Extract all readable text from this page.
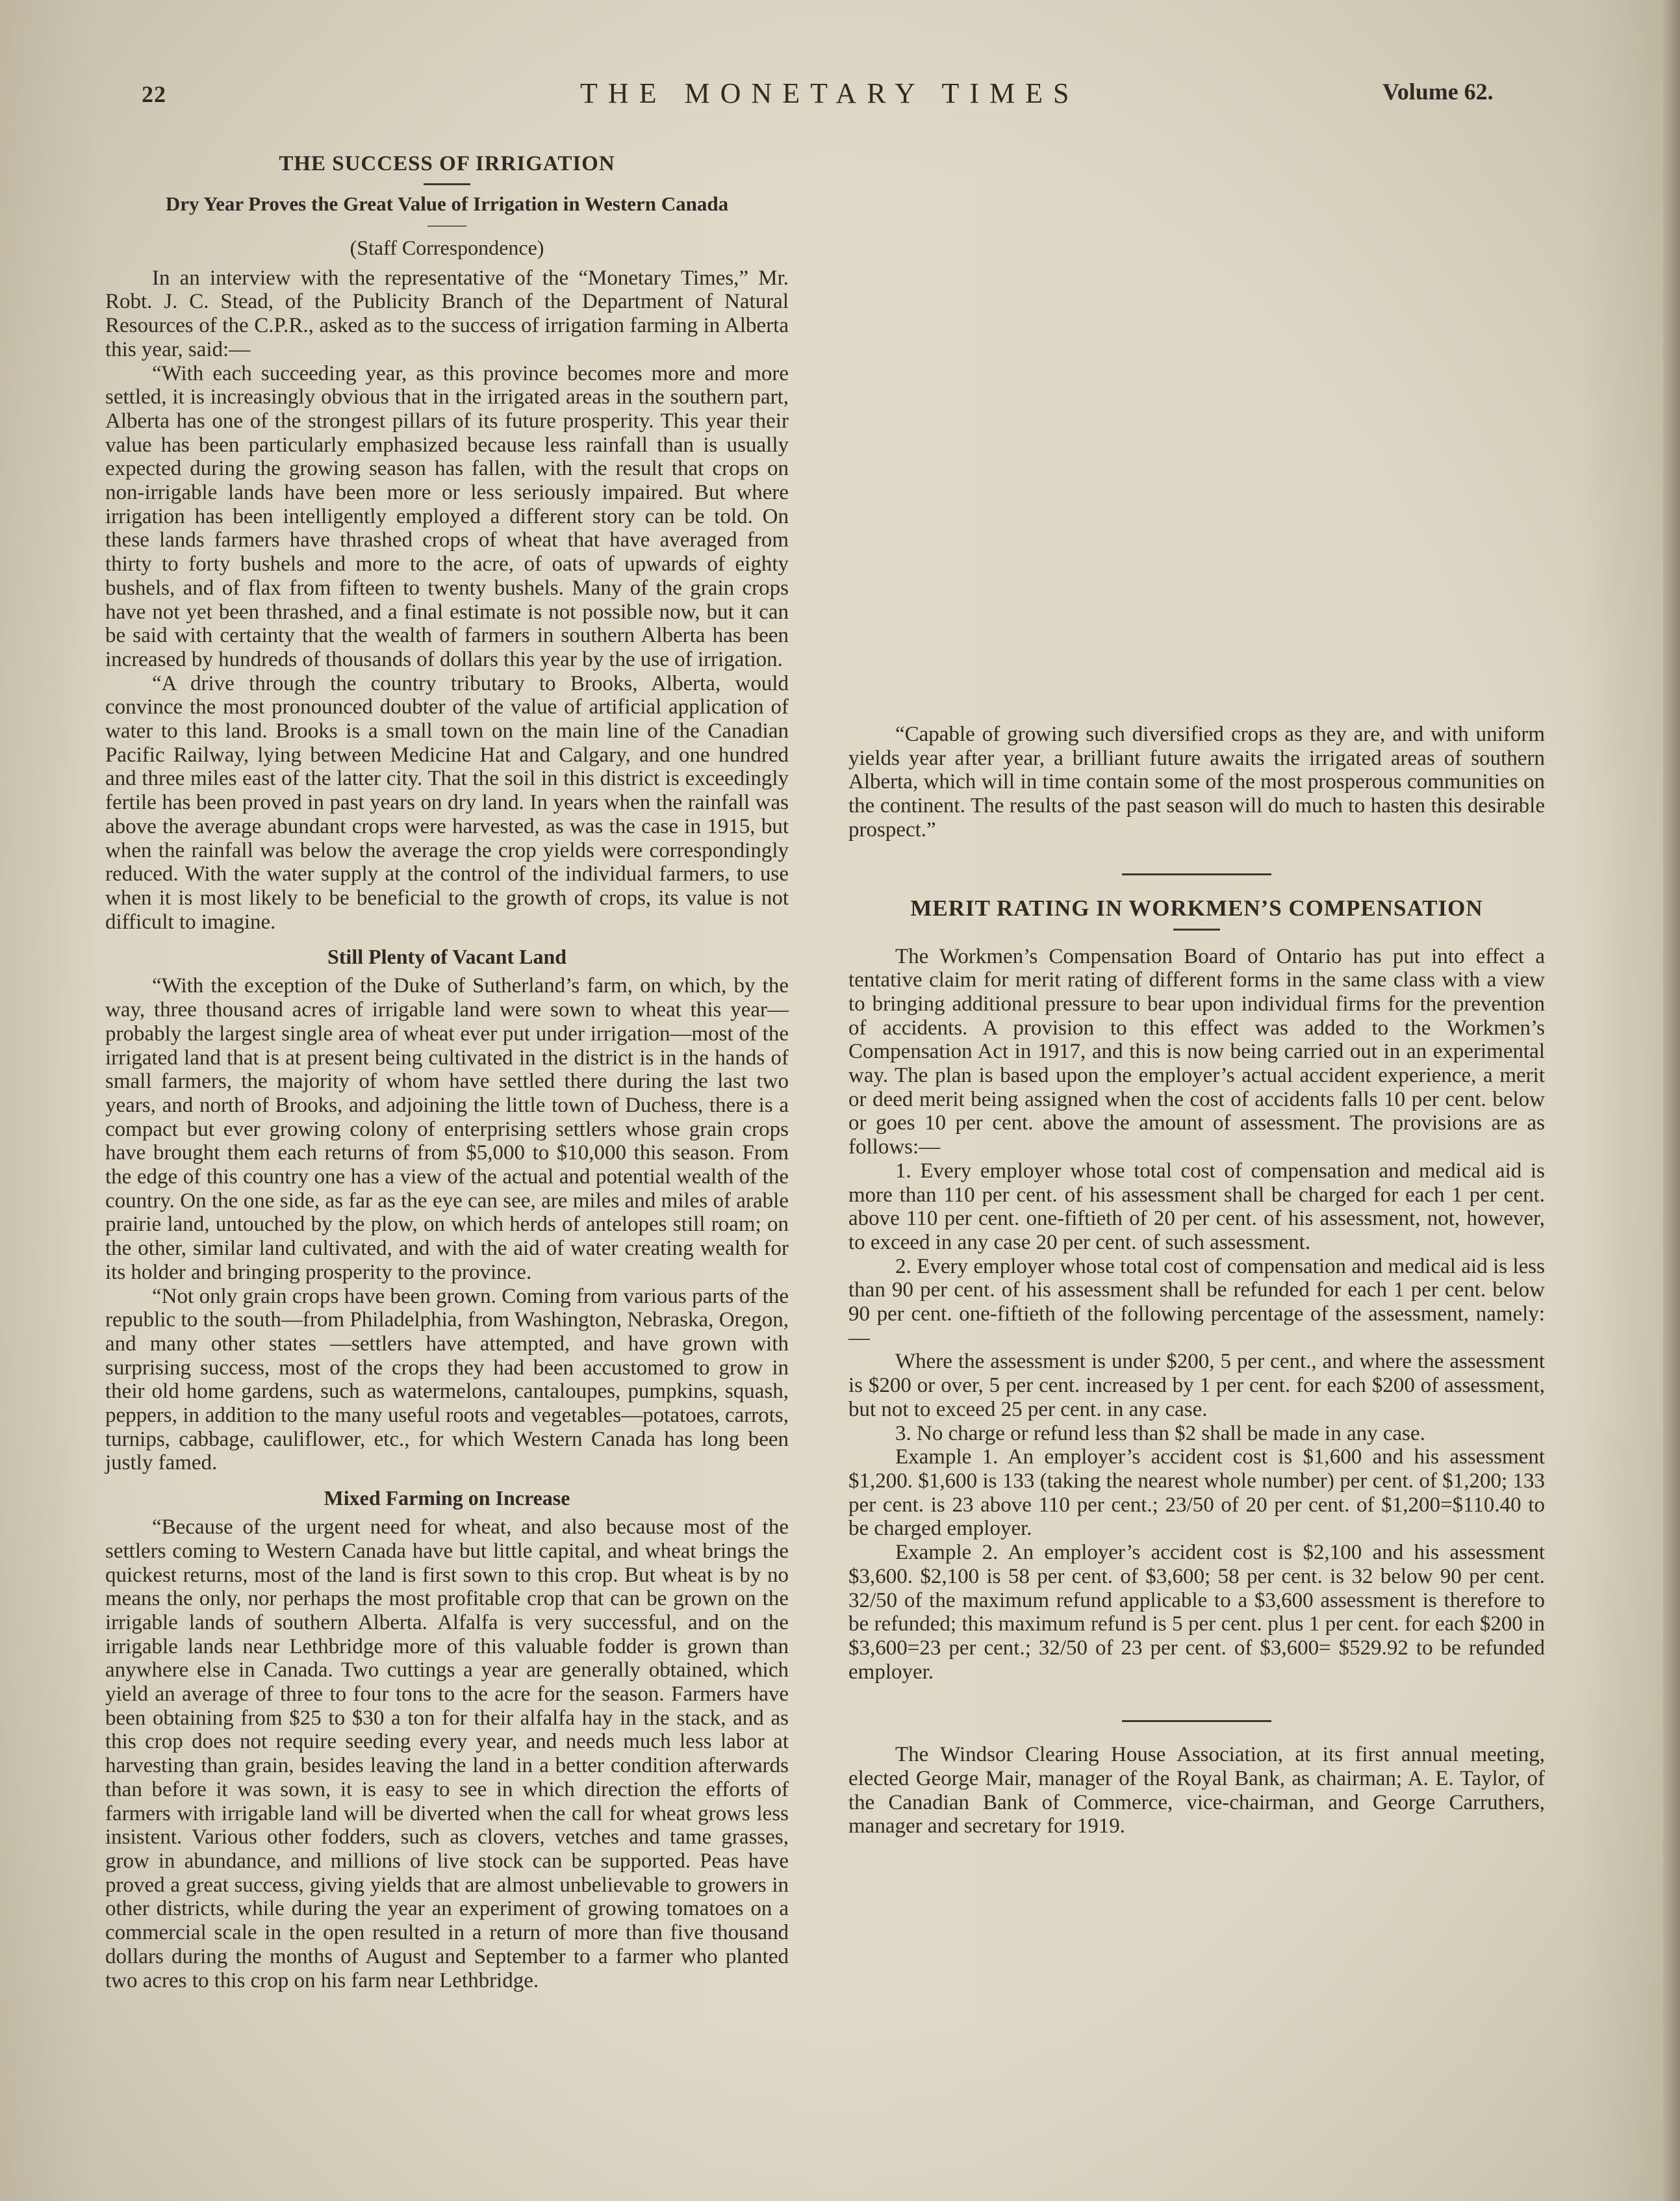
22	THE MONETARY TIMES	Volume 62.
THE SUCCESS OF IRRIGATION
Dry Year Proves the Great Value of Irrigation in Western Canada
(Staff Correspondence)

In an interview with the representative of the “Monetary Times,” Mr. Robt. J. C. Stead, of the Publicity Branch of the Department of Natural Resources of the C.P.R., asked as to the success of irrigation farming in Alberta this year, said:—

“With each succeeding year, as this province becomes more and more settled, it is increasingly obvious that in the irrigated areas in the southern part, Alberta has one of the strongest pillars of its future prosperity. This year their value has been particularly emphasized because less rainfall than is usually expected during the growing season has fallen, with the result that crops on non-irrigable lands have been more or less seriously impaired. But where irrigation has been intelligently employed a different story can be told. On these lands farmers have thrashed crops of wheat that have averaged from thirty to forty bushels and more to the acre, of oats of upwards of eighty bushels, and of flax from fifteen to twenty bushels. Many of the grain crops have not yet been thrashed, and a final estimate is not possible now, but it can be said with certainty that the wealth of farmers in southern Alberta has been increased by hundreds of thousands of dollars this year by the use of irrigation.

“A drive through the country tributary to Brooks, Alberta, would convince the most pronounced doubter of the value of artificial application of water to this land. Brooks is a small town on the main line of the Canadian Pacific Railway, lying between Medicine Hat and Calgary, and one hundred and three miles east of the latter city. That the soil in this district is exceedingly fertile has been proved in past years on dry land. In years when the rainfall was above the average abundant crops were harvested, as was the case in 1915, but when the rainfall was below the average the crop yields were correspondingly reduced. With the water supply at the control of the individual farmers, to use when it is most likely to be beneficial to the growth of crops, its value is not difficult to imagine.

Still Plenty of Vacant Land

“With the exception of the Duke of Sutherland’s farm, on which, by the way, three thousand acres of irrigable land were sown to wheat this year—probably the largest single area of wheat ever put under irrigation—most of the irrigated land that is at present being cultivated in the district is in the hands of small farmers, the majority of whom have settled there during the last two years, and north of Brooks, and adjoining the little town of Duchess, there is a compact but ever growing colony of enterprising settlers whose grain crops have brought them each returns of from $5,000 to $10,000 this season. From the edge of this country one has a view of the actual and potential wealth of the country. On the one side, as far as the eye can see, are miles and miles of arable prairie land, untouched by the plow, on which herds of antelopes still roam; on the other, similar land cultivated, and with the aid of water creating wealth for its holder and bringing prosperity to the province.

“Not only grain crops have been grown. Coming from various parts of the republic to the south—from Philadelphia, from Washington, Nebraska, Oregon, and many other states —settlers have attempted, and have grown with surprising success, most of the crops they had been accustomed to grow in their old home gardens, such as watermelons, cantaloupes, pumpkins, squash, peppers, in addition to the many useful roots and vegetables—potatoes, carrots, turnips, cabbage, cauliflower, etc., for which Western Canada has long been justly famed.

Mixed Farming on Increase

“Because of the urgent need for wheat, and also because most of the settlers coming to Western Canada have but little capital, and wheat brings the quickest returns, most of the land is first sown to this crop. But wheat is by no means the only, nor perhaps the most profitable crop that can be grown on the irrigable lands of southern Alberta. Alfalfa is very successful, and on the irrigable lands near Lethbridge more of this valuable fodder is grown than anywhere else in Canada. Two cuttings a year are generally obtained, which yield an average of three to four tons to the acre for the season. Farmers have been obtaining from $25 to $30 a ton for their alfalfa hay in the stack, and as this crop does not require seeding every year, and needs much less labor at harvesting than grain, besides leaving the land in a better condition afterwards than before it was sown, it is easy to see in which direction the efforts of farmers with irrigable land will be diverted when the call for wheat grows less insistent. Various other fodders, such as clovers, vetches and tame grasses, grow in abundance, and millions of live stock can be supported. Peas have proved a great success, giving yields that are almost unbelievable to growers in other districts, while during the year an experiment of growing tomatoes on a commercial scale in the open resulted in a return of more than five thousand dollars during the months of August and September to a farmer who planted two acres to this crop on his farm near Lethbridge.

“Capable of growing such diversified crops as they are, and with uniform yields year after year, a brilliant future awaits the irrigated areas of southern Alberta, which will in time contain some of the most prosperous communities on the continent. The results of the past season will do much to hasten this desirable prospect.”

MERIT RATING IN WORKMEN’S COMPENSATION

The Workmen’s Compensation Board of Ontario has put into effect a tentative claim for merit rating of different forms in the same class with a view to bringing additional pressure to bear upon individual firms for the prevention of accidents. A provision to this effect was added to the Workmen’s Compensation Act in 1917, and this is now being carried out in an experimental way. The plan is based upon the employer’s actual accident experience, a merit or deed merit being assigned when the cost of accidents falls 10 per cent. below or goes 10 per cent. above the amount of assessment. The provisions are as follows:—

1. Every employer whose total cost of compensation and medical aid is more than 110 per cent. of his assessment shall be charged for each 1 per cent. above 110 per cent. one-fiftieth of 20 per cent. of his assessment, not, however, to exceed in any case 20 per cent. of such assessment.

2. Every employer whose total cost of compensation and medical aid is less than 90 per cent. of his assessment shall be refunded for each 1 per cent. below 90 per cent. one-fiftieth of the following percentage of the assessment, namely:—

Where the assessment is under $200, 5 per cent., and where the assessment is $200 or over, 5 per cent. increased by 1 per cent. for each $200 of assessment, but not to exceed 25 per cent. in any case.

3. No charge or refund less than $2 shall be made in any case.

Example 1. An employer’s accident cost is $1,600 and his assessment $1,200. $1,600 is 133 (taking the nearest whole number) per cent. of $1,200; 133 per cent. is 23 above 110 per cent.; 23/50 of 20 per cent. of $1,200=$110.40 to be charged employer.

Example 2. An employer’s accident cost is $2,100 and his assessment $3,600. $2,100 is 58 per cent. of $3,600; 58 per cent. is 32 below 90 per cent. 32/50 of the maximum refund applicable to a $3,600 assessment is therefore to be refunded; this maximum refund is 5 per cent. plus 1 per cent. for each $200 in $3,600=23 per cent.; 32/50 of 23 per cent. of $3,600= $529.92 to be refunded employer.

The Windsor Clearing House Association, at its first annual meeting, elected George Mair, manager of the Royal Bank, as chairman; A. E. Taylor, of the Canadian Bank of Commerce, vice-chairman, and George Carruthers, manager and secretary for 1919.
